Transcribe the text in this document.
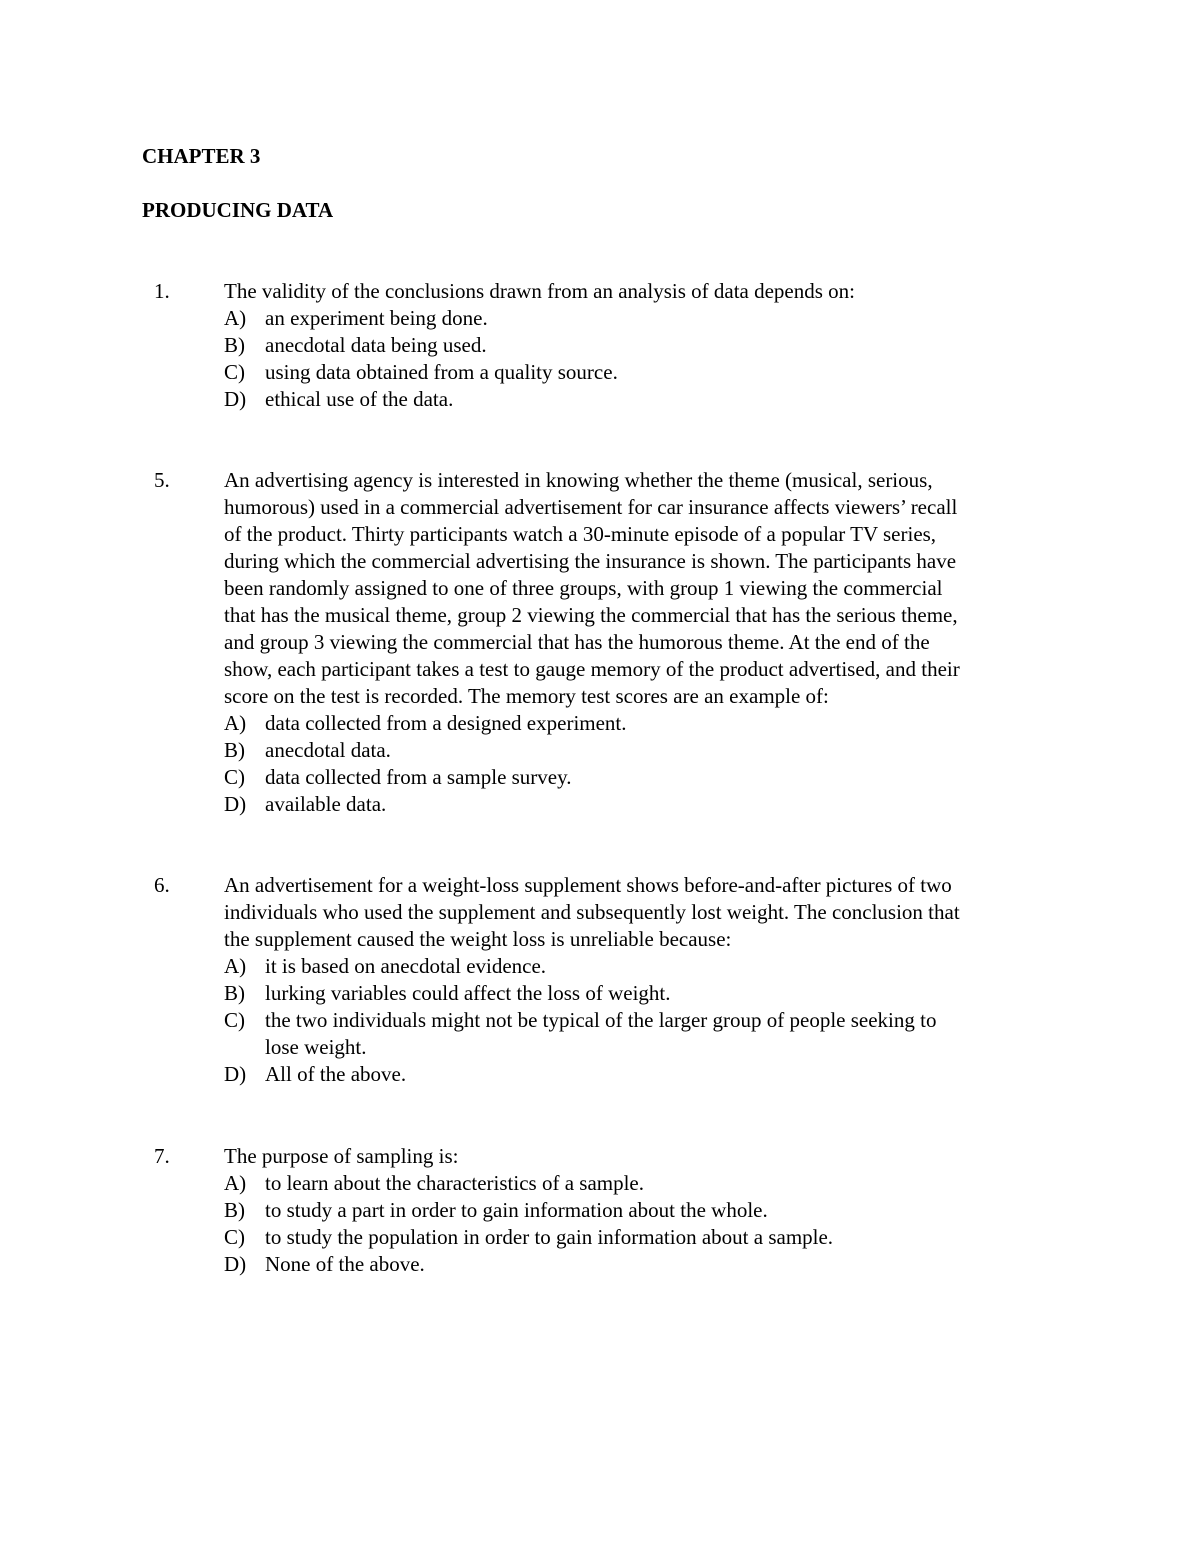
CHAPTER 3
PRODUCING DATA
1.	The validity of the conclusions drawn from an analysis of data depends on:
A) an experiment being done.
B) anecdotal data being used.
C) using data obtained from a quality source.
D) ethical use of the data.
5.	An advertising agency is interested in knowing whether the theme (musical, serious,
humorous) used in a commercial advertisement for car insurance affects viewers’ recall
of the product. Thirty participants watch a 30-minute episode of a popular TV series,
during which the commercial advertising the insurance is shown. The participants have
been randomly assigned to one of three groups, with group 1 viewing the commercial
that has the musical theme, group 2 viewing the commercial that has the serious theme,
and group 3 viewing the commercial that has the humorous theme. At the end of the
show, each participant takes a test to gauge memory of the product advertised, and their
score on the test is recorded. The memory test scores are an example of:
A) data collected from a designed experiment.
B) anecdotal data.
C) data collected from a sample survey.
D) available data.
6.	An advertisement for a weight-loss supplement shows before-and-after pictures of two
individuals who used the supplement and subsequently lost weight. The conclusion that
the supplement caused the weight loss is unreliable because:
A) it is based on anecdotal evidence.
B) lurking variables could affect the loss of weight.
C) the two individuals might not be typical of the larger group of people seeking to
lose weight.
D) All of the above.
7.	The purpose of sampling is:
A) to learn about the characteristics of a sample.
B) to study a part in order to gain information about the whole.
C) to study the population in order to gain information about a sample.
D) None of the above.
